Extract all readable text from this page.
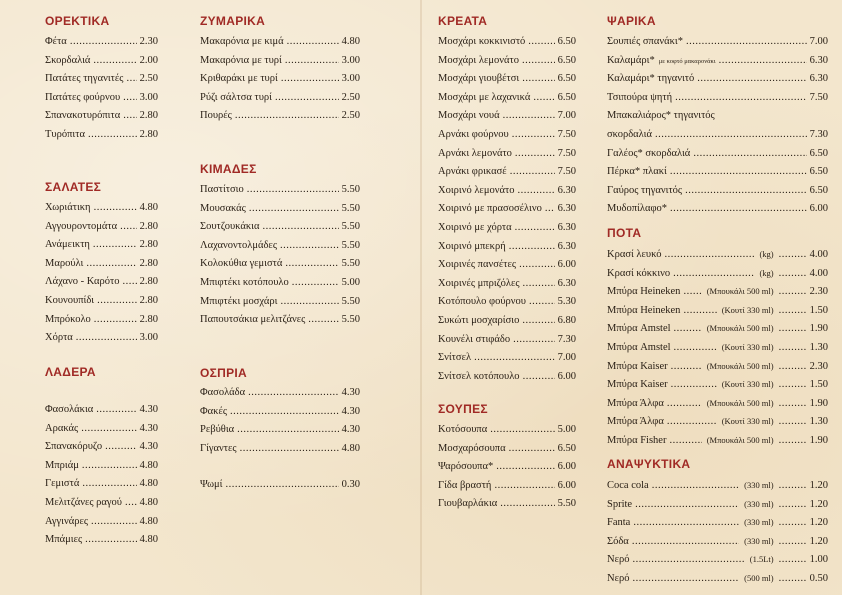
ΟΡΕΚΤΙΚΑ
Φέτα .....	2.30
Σκορδαλιά .....	2.00
Πατάτες τηγανιτές ..... 2.50
Πατάτες φούρνου ..... 3.00
Σπανακοτυρόπιτα ..... 2.80
Τυρόπιτα .....	2.80
ΣΑΛΑΤΕΣ
Χωριάτικη .....	4.80
Αγγουροντομάτα ..... 2.80
Ανάμεικτη .....	2.80
Μαρούλι .....	2.80
Λάχανο - Καρότο ..... 2.80
Κουνουπίδι .....	2.80
Μπρόκολο .....	2.80
Χόρτα .....	3.00
ΛΑΔΕΡΑ
Φασολάκια .....	4.30
Αρακάς .....	4.30
Σπανακόρυζο .....	4.30
Μπριάμ .....	4.80
Γεμιστά .....	4.80
Μελιτζάνες ραγού ..... 4.80
Αγγινάρες .....	4.80
Μπάμιες .....	4.80
ΖΥΜΑΡΙΚΑ
Μακαρόνια με κιμά .....	4.80
Μακαρόνια με τυρί .....	3.00
Κριθαράκι με τυρί .....	3.00
Ρύζι σάλτσα τυρί .....	2.50
Πουρές .....	2.50
ΚΙΜΑΔΕΣ
Παστίτσιο .....	5.50
Μουσακάς .....	5.50
Σουτζουκάκια .....	5.50
Λαχανοντολμάδες .....	5.50
Κολοκύθια γεμιστά .....	5.50
Μπιφτέκι κοτόπουλο .....	5.00
Μπιφτέκι μοσχάρι .....	5.50
Παπουτσάκια μελιτζάνες .....	5.50
ΟΣΠΡΙΑ
Φασολάδα .....	4.30
Φακές .....	4.30
Ρεβύθια .....	4.30
Γίγαντες .....	4.80
Ψωμί .....	0.30
ΚΡΕΑΤΑ
Μοσχάρι κοκκινιστό .....	6.50
Μοσχάρι λεμονάτο .....	6.50
Μοσχάρι γιουβέτσι .....	6.50
Μοσχάρι με λαχανικά .....	6.50
Μοσχάρι νουά .....	7.00
Αρνάκι φούρνου .....	7.50
Αρνάκι λεμονάτο .....	7.50
Αρνάκι φρικασέ .....	7.50
Χοιρινό λεμονάτο .....	6.30
Χοιρινό με πρασοσέλινο ..... 6.30
Χοιρινό με χόρτα .....	6.30
Χοιρινό μπεκρή .....	6.30
Χοιρινές πανσέτες .....	6.00
Χοιρινές μπριζόλες .....	6.30
Κοτόπουλο φούρνου .....	5.30
Συκώτι μοσχαρίσιο .....	6.80
Κουνέλι στιφάδο .....	7.30
Σνίτσελ .....	7.00
Σνίτσελ κοτόπουλο .....	6.00
ΣΟΥΠΕΣ
Κοτόσουπα .....	5.00
Μοσχαρόσουπα .....	6.50
Ψαρόσουπα* .....	6.00
Γίδα βραστή .....	6.00
Γιουβαρλάκια .....	5.50
ΨΑΡΙΚΑ
Σουπιές σπανάκι* .....	7.00
Καλαμάρι* με κοφτό μακαρονάκι .....	6.30
Καλαμάρι* τηγανιτό .....	6.30
Τσιπούρα ψητή .....	7.50
Μπακαλιάρος* τηγανιτός
σκορδαλιά .....	7.30
Γαλέος* σκορδαλιά .....	6.50
Πέρκα* πλακί .....	6.50
Γαύρος τηγανιτός .....	6.50
Μυδοπίλαφο* .....	6.00
ΠΟΤΑ
Κρασί λευκό .....	(kg) .....	4.00
Κρασί κόκκινο .....	(kg) .....	4.00
Μπύρα Heineken .....	(Μπουκάλι 500 ml) .....	2.30
Μπύρα Heineken .....	(Κουτί 330 ml) .....	1.50
Μπύρα Amstel .....	(Μπουκάλι 500 ml) .....	1.90
Μπύρα Amstel .....	(Κουτί 330 ml) .....	1.30
Μπύρα Kaiser .....	(Μπουκάλι 500 ml) .....	2.30
Μπύρα Kaiser .....	(Κουτί 330 ml) .....	1.50
Μπύρα Άλφα .....	(Μπουκάλι 500 ml) .....	1.90
Μπύρα Άλφα .....	(Κουτί 330 ml) .....	1.30
Μπύρα Fisher .....	(Μπουκάλι 500 ml) .....	1.90
ΑΝΑΨΥΚΤΙΚΑ
Coca cola .....	(330 ml) .....	1.20
Sprite .....	(330 ml) .....	1.20
Fanta .....	(330 ml) .....	1.20
Σόδα .....	(330 ml) .....	1.20
Νερό .....	(1.5Lt) .....	1.00
Νερό .....	(500 ml) .....	0.50
